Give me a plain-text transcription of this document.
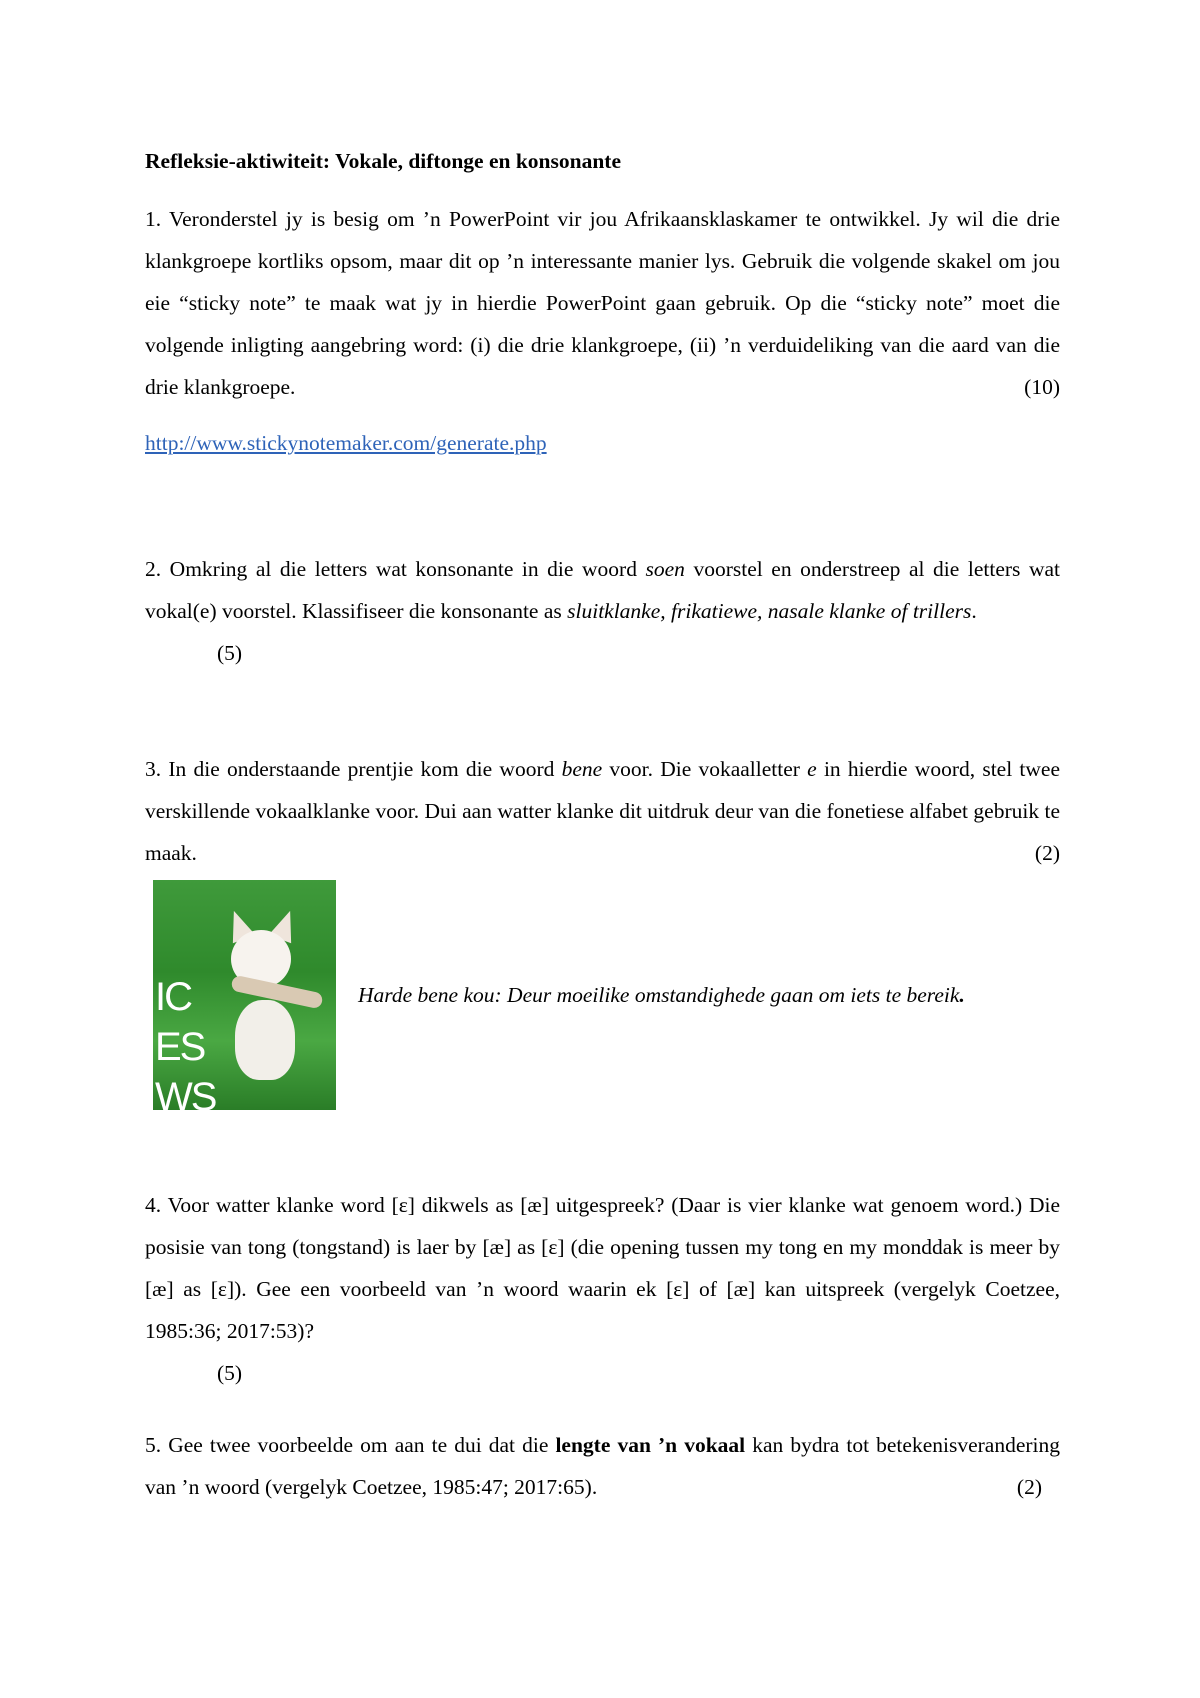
Refleksie-aktiwiteit: Vokale, diftonge en konsonante

1. Veronderstel jy is besig om ’n PowerPoint vir jou Afrikaansklaskamer te ontwikkel. Jy wil die drie klankgroepe kortliks opsom, maar dit op ’n interessante manier lys. Gebruik die volgende skakel om jou eie “sticky note” te maak wat jy in hierdie PowerPoint gaan gebruik. Op die “sticky note” moet die volgende inligting aangebring word: (i) die drie klankgroepe, (ii) ’n verduideliking van die aard van die drie klankgroepe.	(10)

http://www.stickynotemaker.com/generate.php

2. Omkring al die letters wat konsonante in die woord soen voorstel en onderstreep al die letters wat vokal(e) voorstel. Klassifiseer die konsonante as sluitklanke, frikatiewe, nasale klanke of trillers.

(5)

3. In die onderstaande prentjie kom die woord bene voor. Die vokaalletter e in hierdie woord, stel twee verskillende vokaalklanke voor. Dui aan watter klanke dit uitdruk deur van die fonetiese alfabet gebruik te maak.	(2)

IC
ES
WS

Harde bene kou: Deur moeilike omstandighede gaan om iets te bereik.

4. Voor watter klanke word [ɛ] dikwels as [æ] uitgespreek? (Daar is vier klanke wat genoem word.) Die posisie van tong (tongstand) is laer by [æ] as [ɛ] (die opening tussen my tong en my monddak is meer by [æ] as [ɛ]). Gee een voorbeeld van ’n woord waarin ek [ɛ] of [æ] kan uitspreek (vergelyk Coetzee, 1985:36; 2017:53)?

(5)

5. Gee twee voorbeelde om aan te dui dat die lengte van ’n vokaal kan bydra tot betekenisverandering van ’n woord (vergelyk Coetzee, 1985:47; 2017:65).	(2)
